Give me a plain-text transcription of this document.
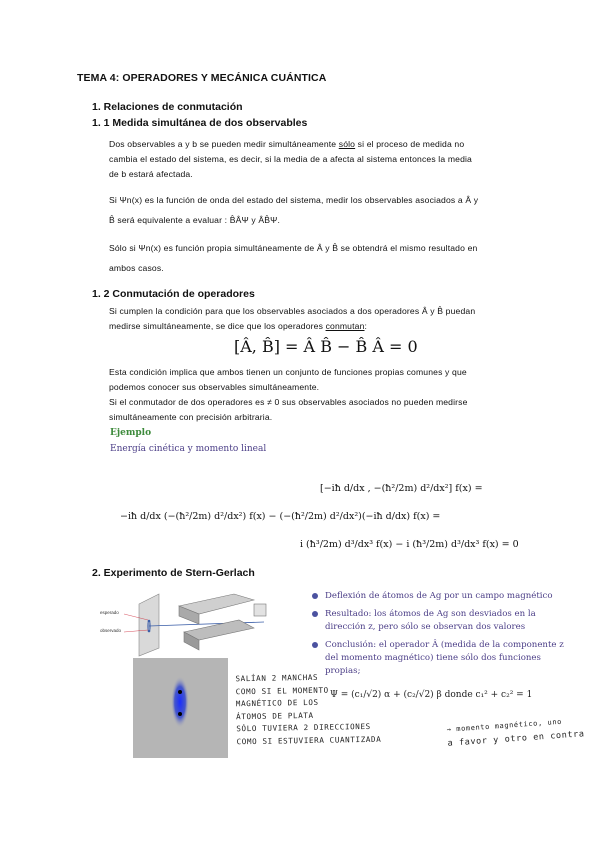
TEMA 4: OPERADORES Y MECÁNICA CUÁNTICA
1. Relaciones de conmutación
1. 1 Medida simultánea de dos observables
Dos observables a y b se pueden medir simultáneamente sólo si el proceso de medida no
cambia el estado del sistema, es decir, si la media de a afecta al sistema entonces la media
de b estará afectada.
Si Ψn(x) es la función de onda del estado del sistema, medir los observables asociados a Â y
B̂ será equivalente a evaluar : B̂ÂΨ y ÂB̂Ψ.
Sólo si Ψn(x) es función propia simultáneamente de Â y B̂ se obtendrá el mismo resultado en
ambos casos.
1. 2 Conmutación de operadores
Si cumplen la condición para que los observables asociados a dos operadores Â y B̂ puedan
medirse simultáneamente, se dice que los operadores conmutan:
[Â, B̂] = Â B̂ − B̂ Â = 0
Esta condición implica que ambos tienen un conjunto de funciones propias comunes y que
podemos conocer sus observables simultáneamente.
Si el conmutador de dos operadores es ≠ 0 sus observables asociados no pueden medirse
simultáneamente con precisión arbitraria.
Ejemplo
Energía cinética y momento lineal
[−iħ d/dx , −(ħ²/2m) d²/dx²] f(x) =
−iħ d/dx (−(ħ²/2m) d²/dx²) f(x) − (−(ħ²/2m) d²/dx²)(−iħ d/dx) f(x) =
i (ħ³/2m) d³/dx³ f(x) − i (ħ³/2m) d³/dx³ f(x) = 0
2. Experimento de Stern-Gerlach
esperado
observado
Deflexión de átomos de Ag por un campo magnético
Resultado: los átomos de Ag son desviados en la
dirección z, pero sólo se observan dos valores
Conclusión: el operador Â (medida de la componente z
del momento magnético) tiene sólo dos funciones
propias;
Ψ = (c₁/√2) α + (c₂/√2) β donde c₁² + c₂² = 1
SALÍAN 2 MANCHAS
COMO SI EL MOMENTO
MAGNÉTICO DE LOS
ÁTOMOS DE PLATA
SÓLO TUVIERA 2 DIRECCIONES
COMO SI ESTUVIERA CUANTIZADA
→ momento magnético, uno
a favor y otro en contra
